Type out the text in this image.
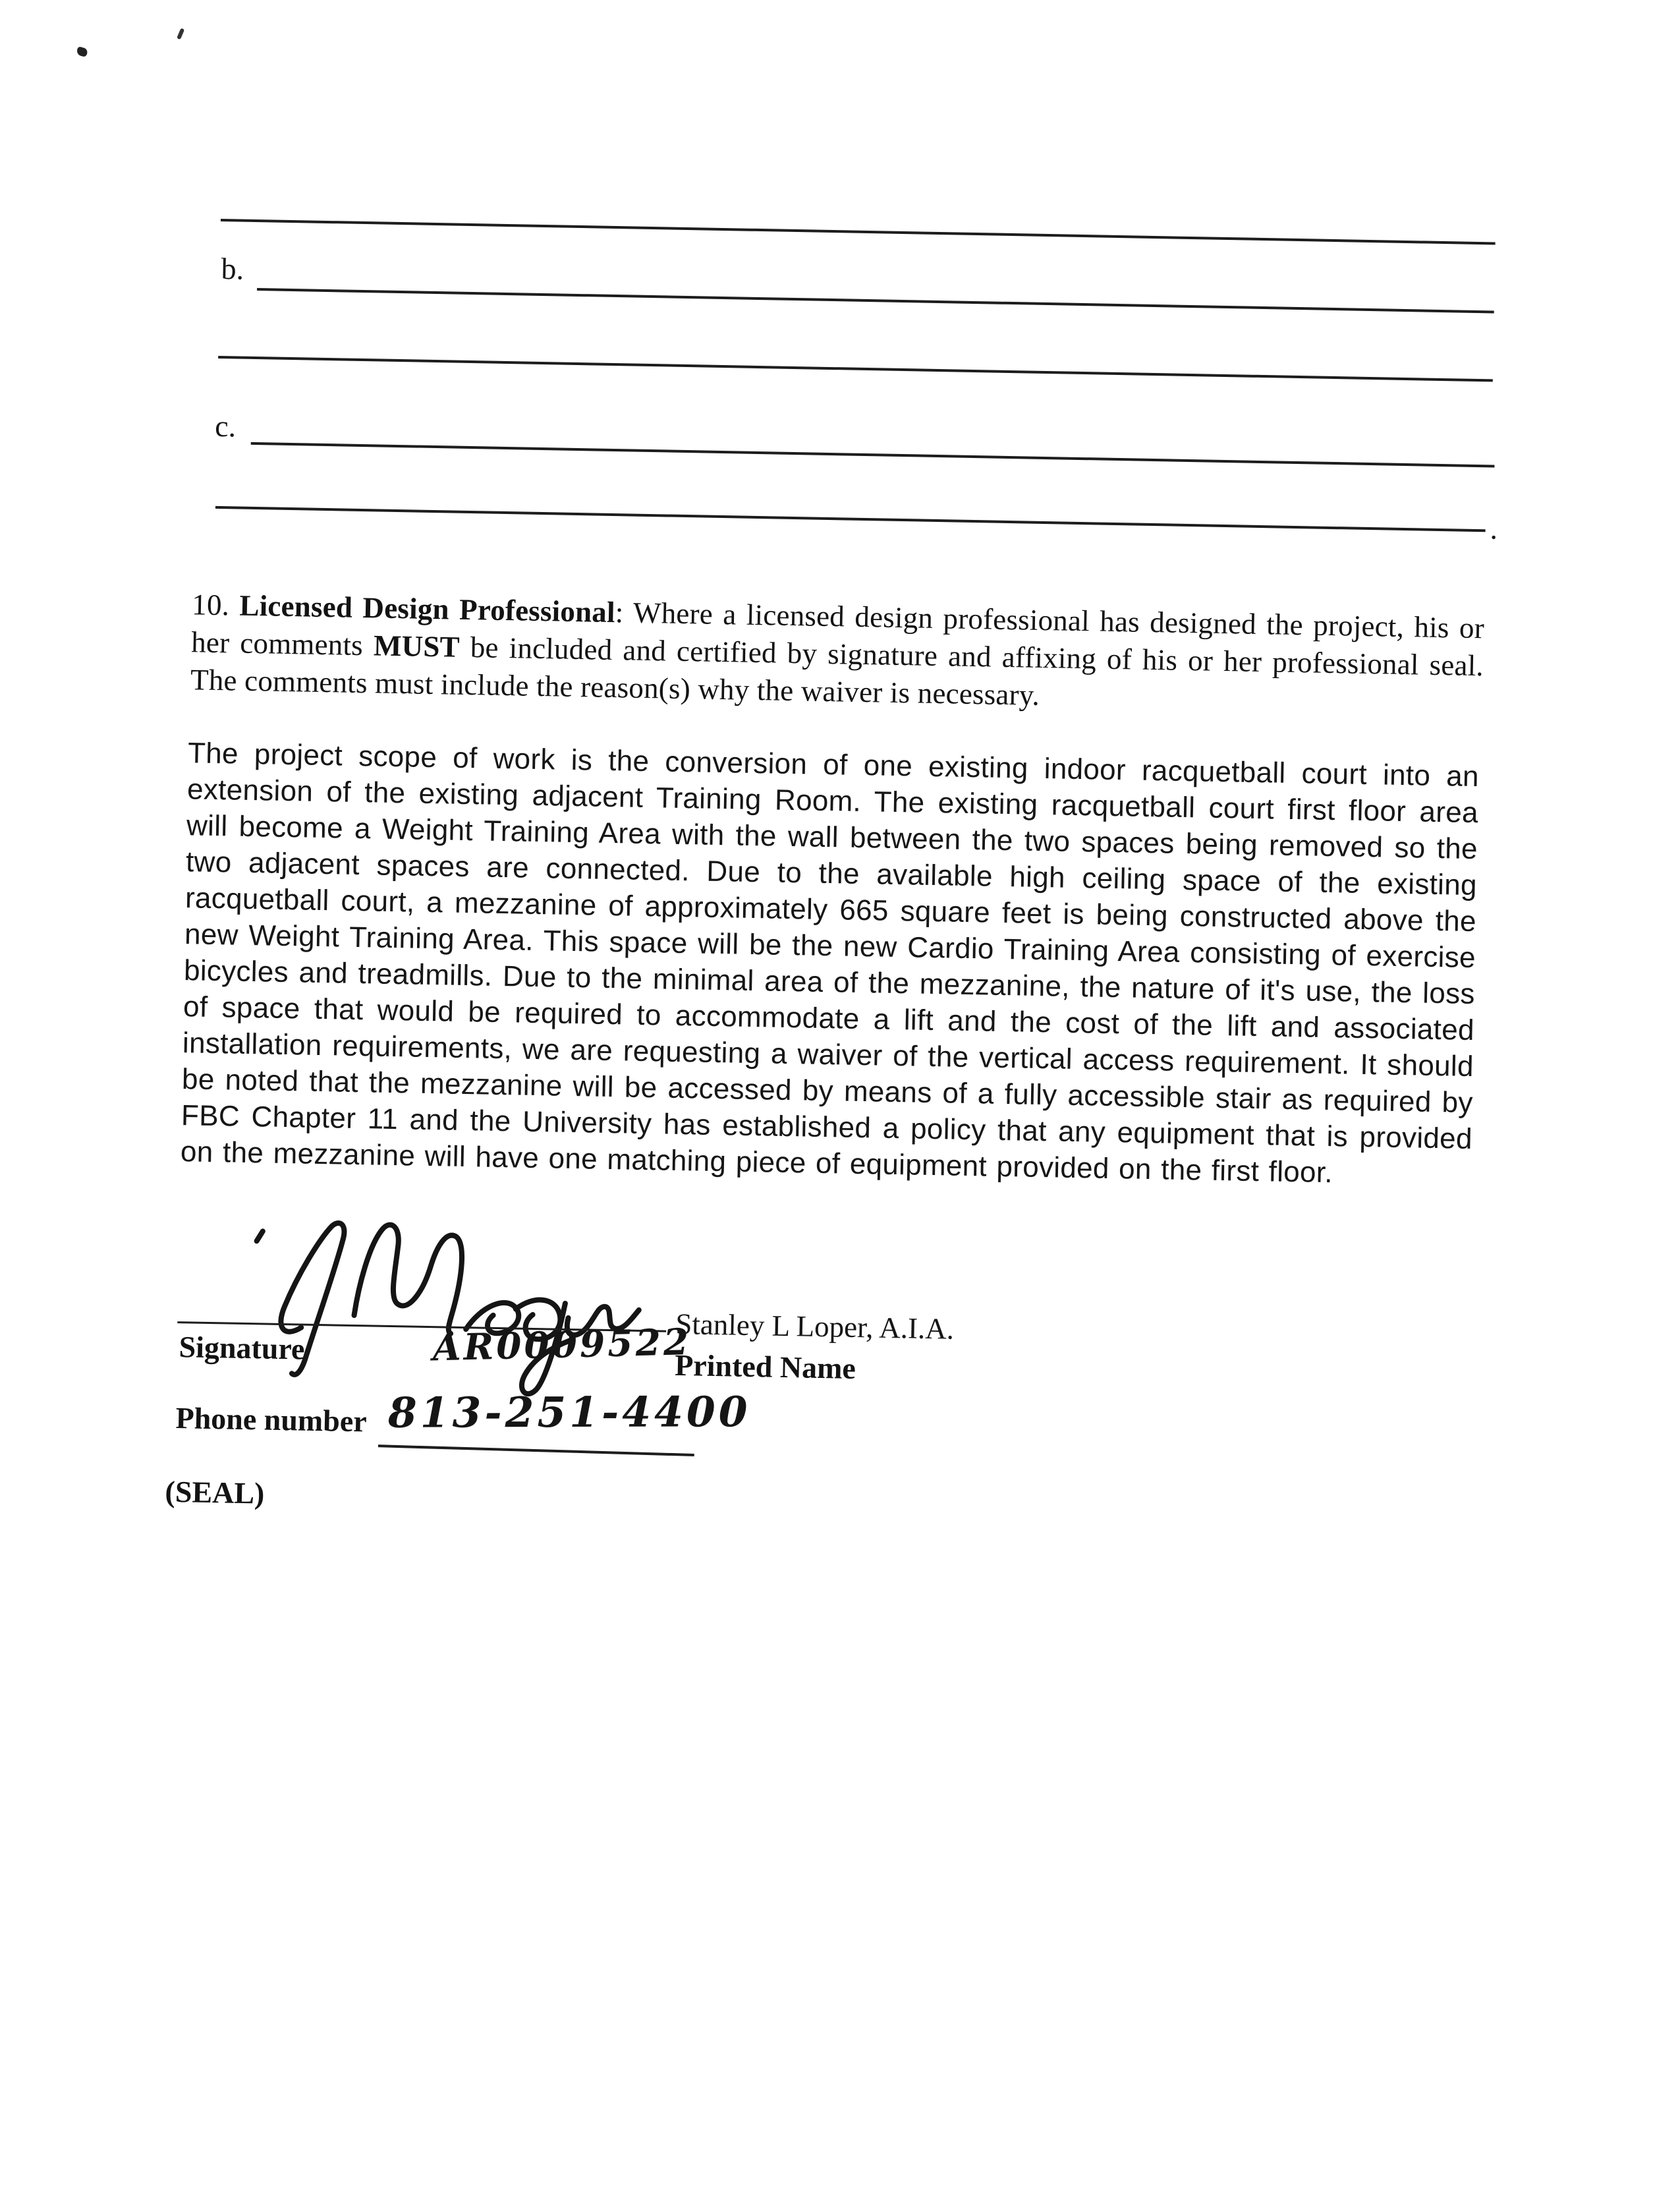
b.
c.
.

10. Licensed Design Professional: Where a licensed design professional has designed the project, his or her comments MUST be included and certified by signature and affixing of his or her professional seal. The comments must include the reason(s) why the waiver is necessary.

The project scope of work is the conversion of one existing indoor racquetball court into an extension of the existing adjacent Training Room. The existing racquetball court first floor area will become a Weight Training Area with the wall between the two spaces being removed so the two adjacent spaces are connected. Due to the available high ceiling space of the existing racquetball court, a mezzanine of approximately 665 square feet is being constructed above the new Weight Training Area. This space will be the new Cardio Training Area consisting of exercise bicycles and treadmills. Due to the minimal area of the mezzanine, the nature of it's use, the loss of space that would be required to accommodate a lift and the cost of the lift and associated installation requirements, we are requesting a waiver of the vertical access requirement. It should be noted that the mezzanine will be accessed by means of a fully accessible stair as required by FBC Chapter 11 and the University has established a policy that any equipment that is provided on the mezzanine will have one matching piece of equipment provided on the first floor.

AR0009522
Signature
Stanley L Loper, A.I.A.
Printed Name
Phone number 813-251-4400
(SEAL)
